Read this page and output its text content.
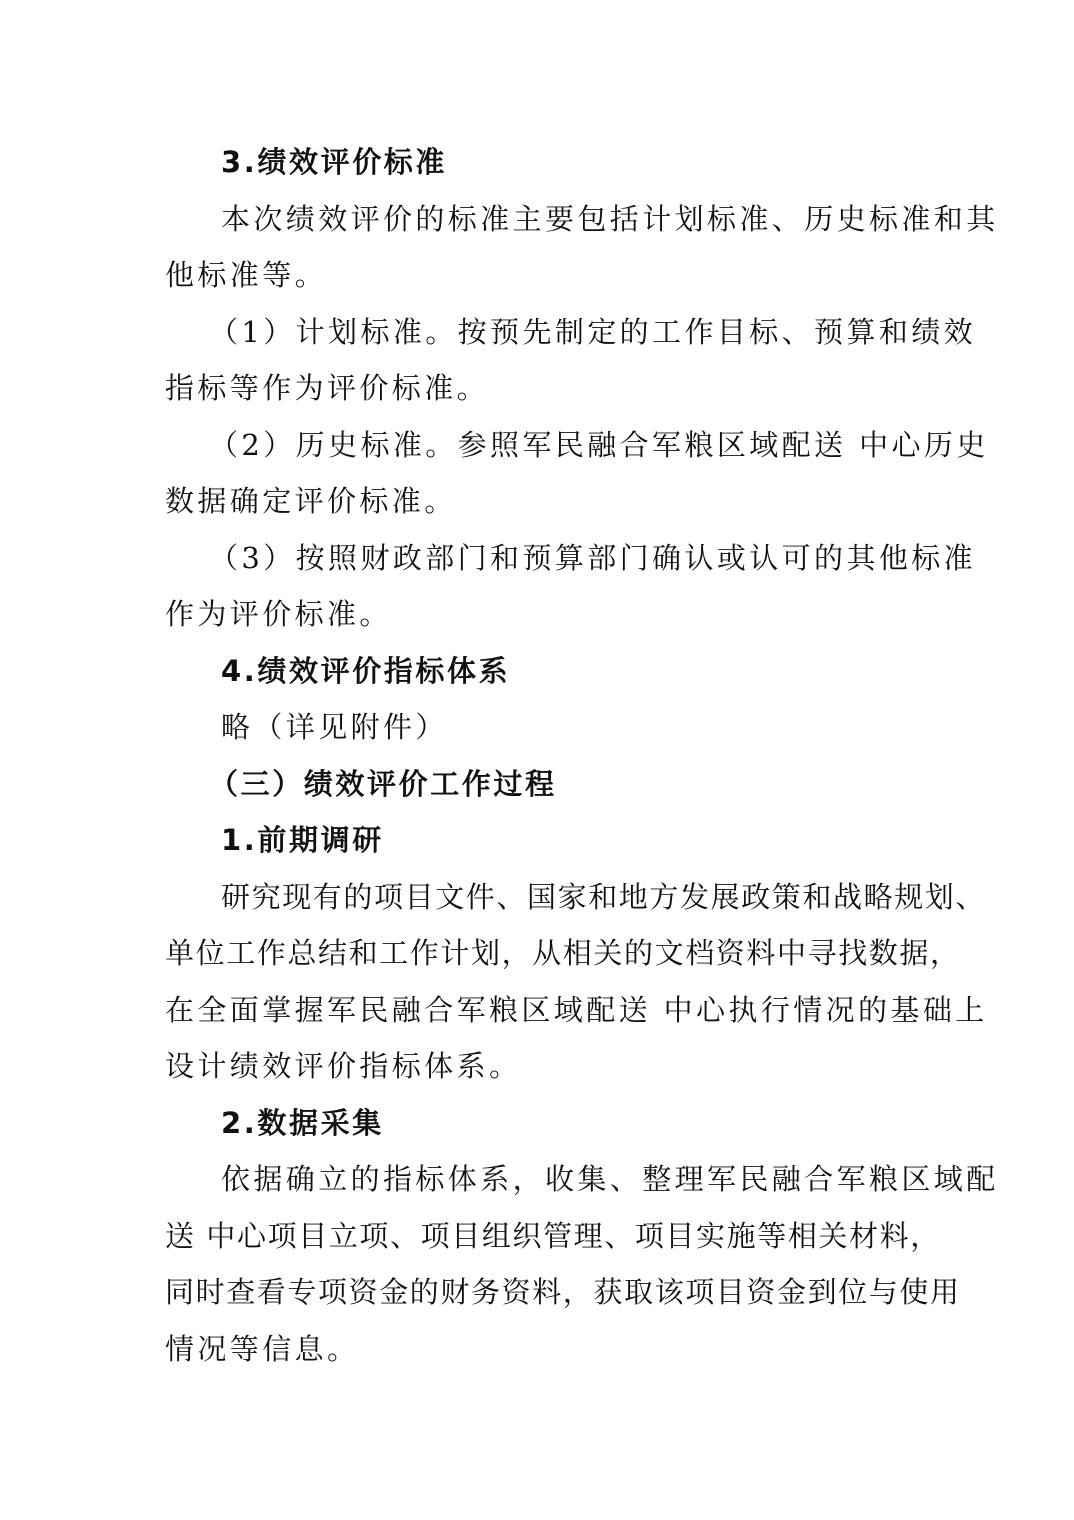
3.绩效评价标准
本次绩效评价的标准主要包括计划标准、历史标准和其
他标准等。
（1）计划标准。按预先制定的工作目标、预算和绩效
指标等作为评价标准。
（2）历史标准。参照军民融合军粮区域配送 中心历史
数据确定评价标准。
（3）按照财政部门和预算部门确认或认可的其他标准
作为评价标准。
4.绩效评价指标体系
略（详见附件）
（三）绩效评价工作过程
1.前期调研
研究现有的项目文件、国家和地方发展政策和战略规划、
单位工作总结和工作计划，从相关的文档资料中寻找数据，
在全面掌握军民融合军粮区域配送 中心执行情况的基础上
设计绩效评价指标体系。
2.数据采集
依据确立的指标体系，收集、整理军民融合军粮区域配
送 中心项目立项、项目组织管理、项目实施等相关材料，
同时查看专项资金的财务资料，获取该项目资金到位与使用
情况等信息。
